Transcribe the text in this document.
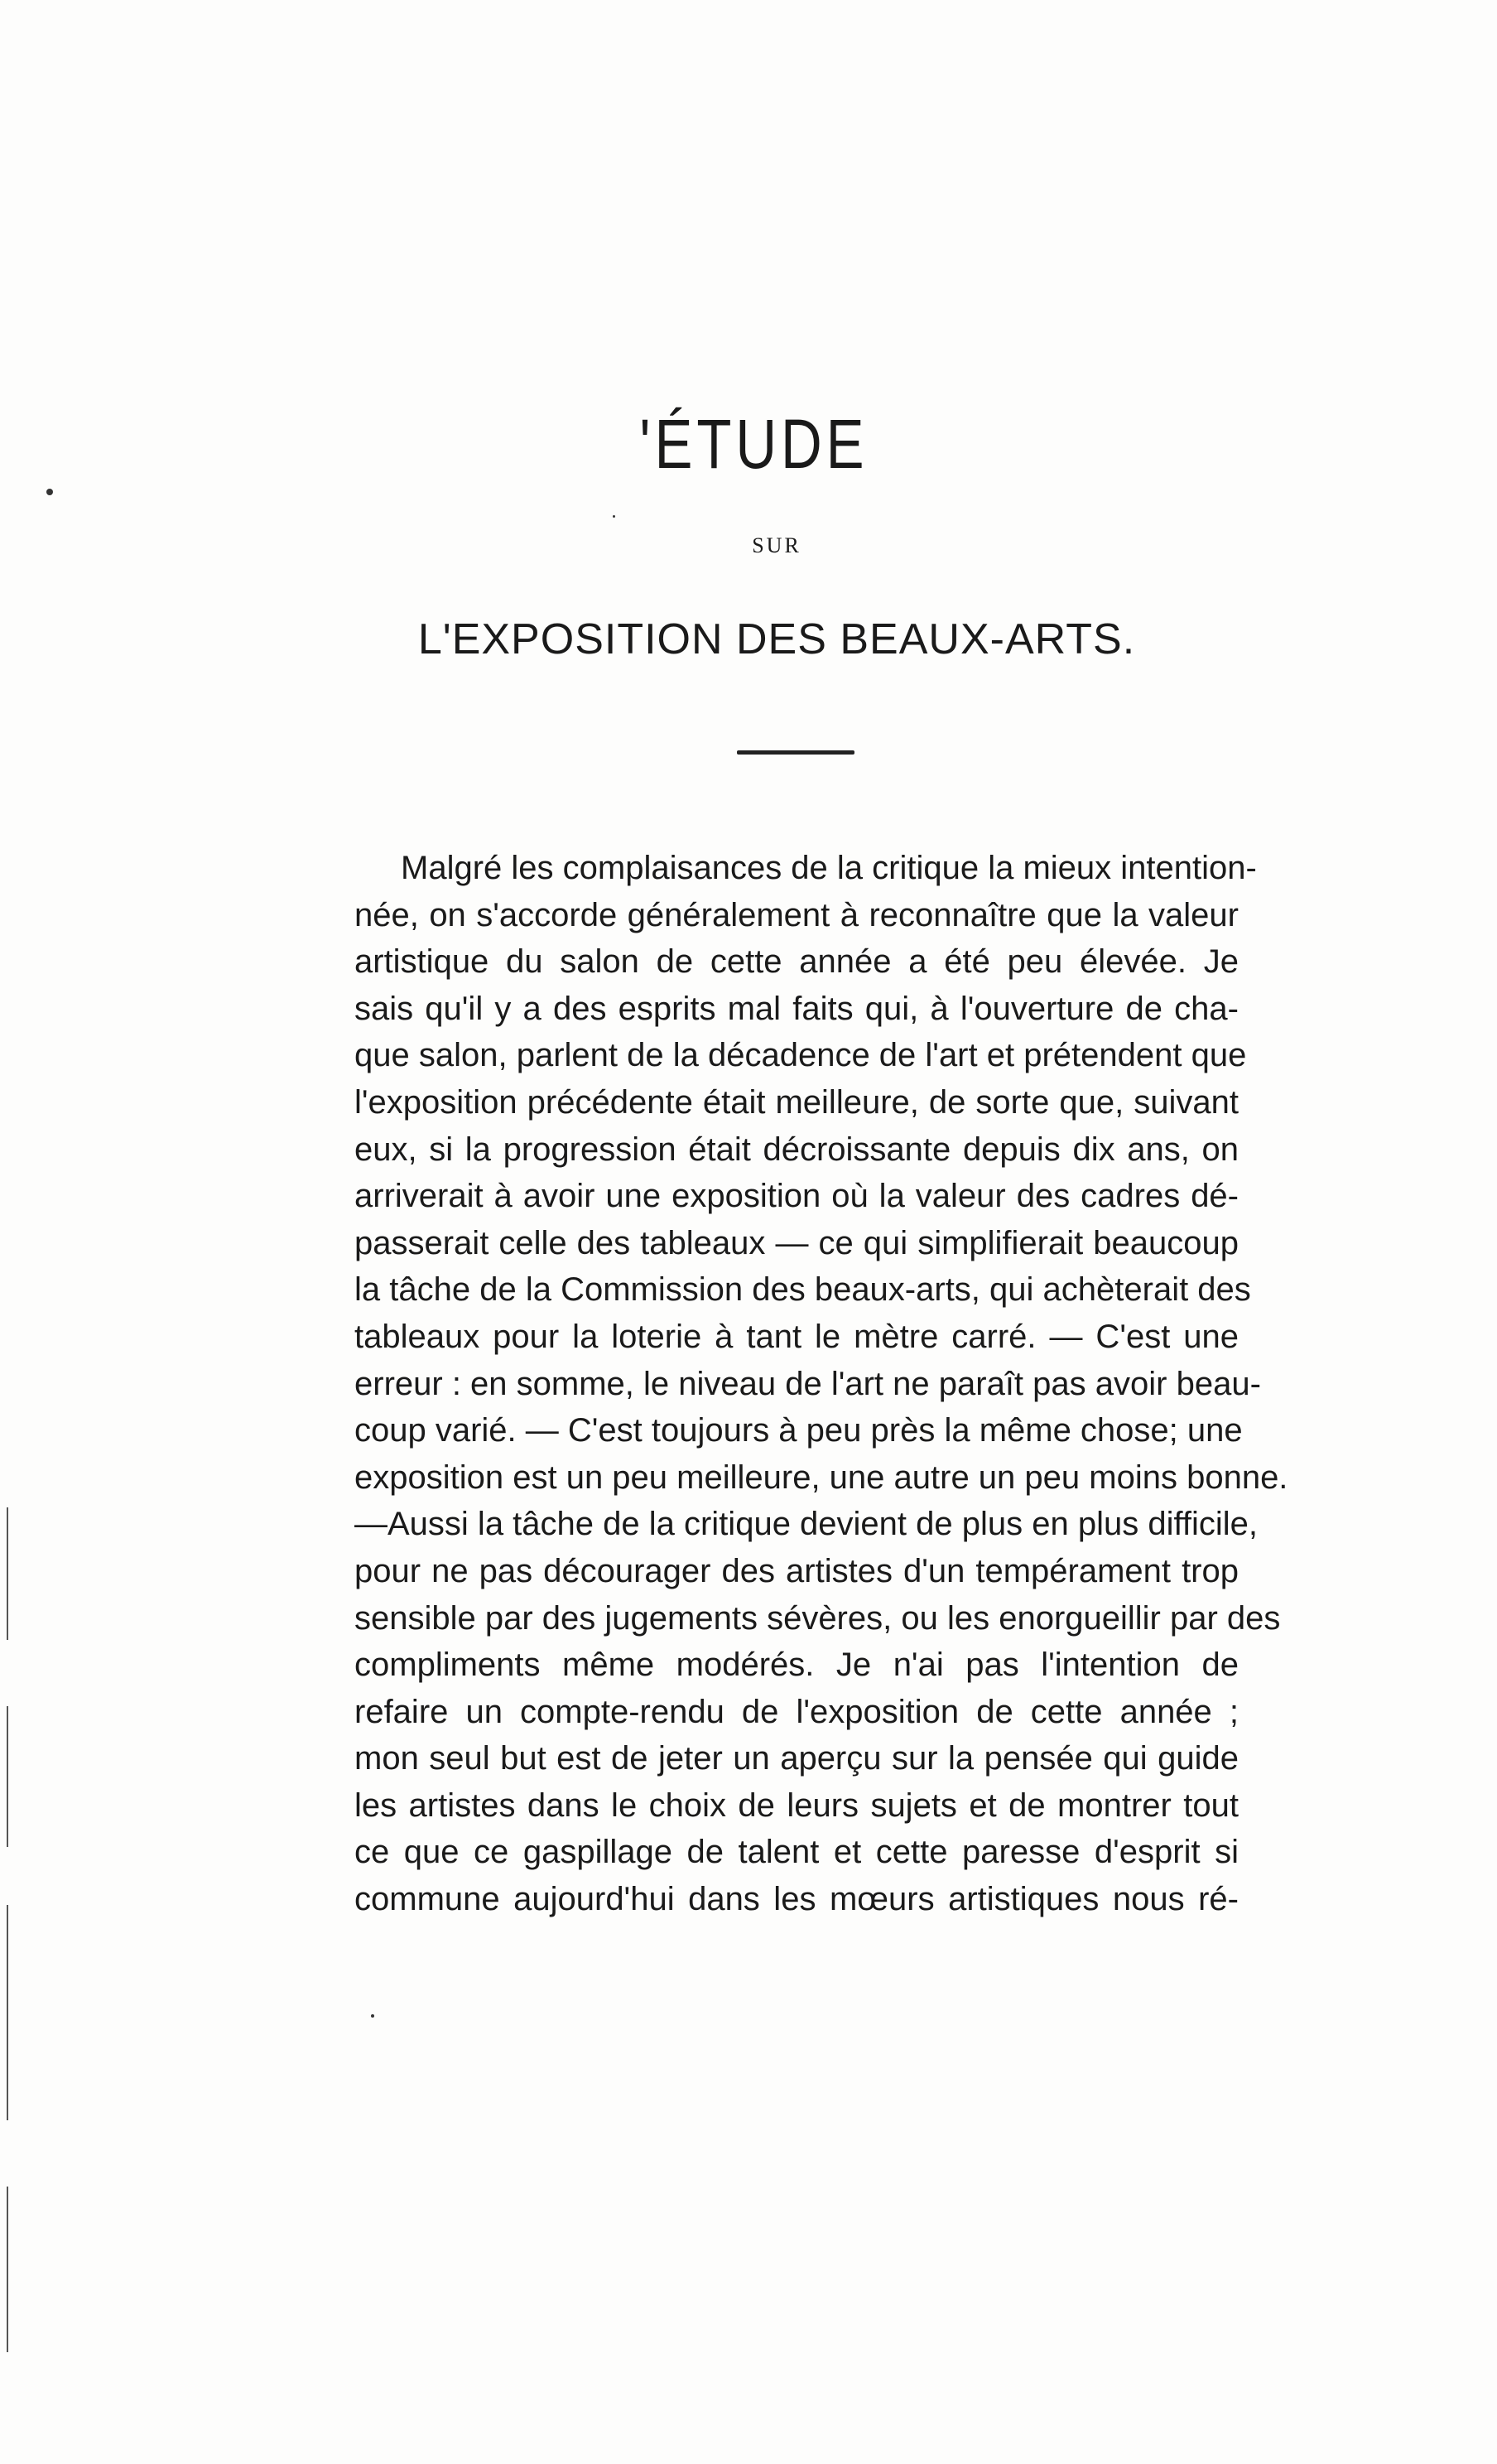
'ÉTUDE
SUR
L'EXPOSITION DES BEAUX-ARTS.

Malgré les complaisances de la critique la mieux intention-
née, on s'accorde généralement à reconnaître que la valeur
artistique du salon de cette année a été peu élevée. Je
sais qu'il y a des esprits mal faits qui, à l'ouverture de cha-
que salon, parlent de la décadence de l'art et prétendent que
l'exposition précédente était meilleure, de sorte que, suivant
eux, si la progression était décroissante depuis dix ans, on
arriverait à avoir une exposition où la valeur des cadres dé-
passerait celle des tableaux — ce qui simplifierait beaucoup
la tâche de la Commission des beaux-arts, qui achèterait des
tableaux pour la loterie à tant le mètre carré. — C'est une
erreur : en somme, le niveau de l'art ne paraît pas avoir beau-
coup varié. — C'est toujours à peu près la même chose; une
exposition est un peu meilleure, une autre un peu moins bonne.
—Aussi la tâche de la critique devient de plus en plus difficile,
pour ne pas décourager des artistes d'un tempérament trop
sensible par des jugements sévères, ou les enorgueillir par des
compliments même modérés. Je n'ai pas l'intention de
refaire un compte-rendu de l'exposition de cette année ;
mon seul but est de jeter un aperçu sur la pensée qui guide
les artistes dans le choix de leurs sujets et de montrer tout
ce que ce gaspillage de talent et cette paresse d'esprit si
commune aujourd'hui dans les mœurs artistiques nous ré-
